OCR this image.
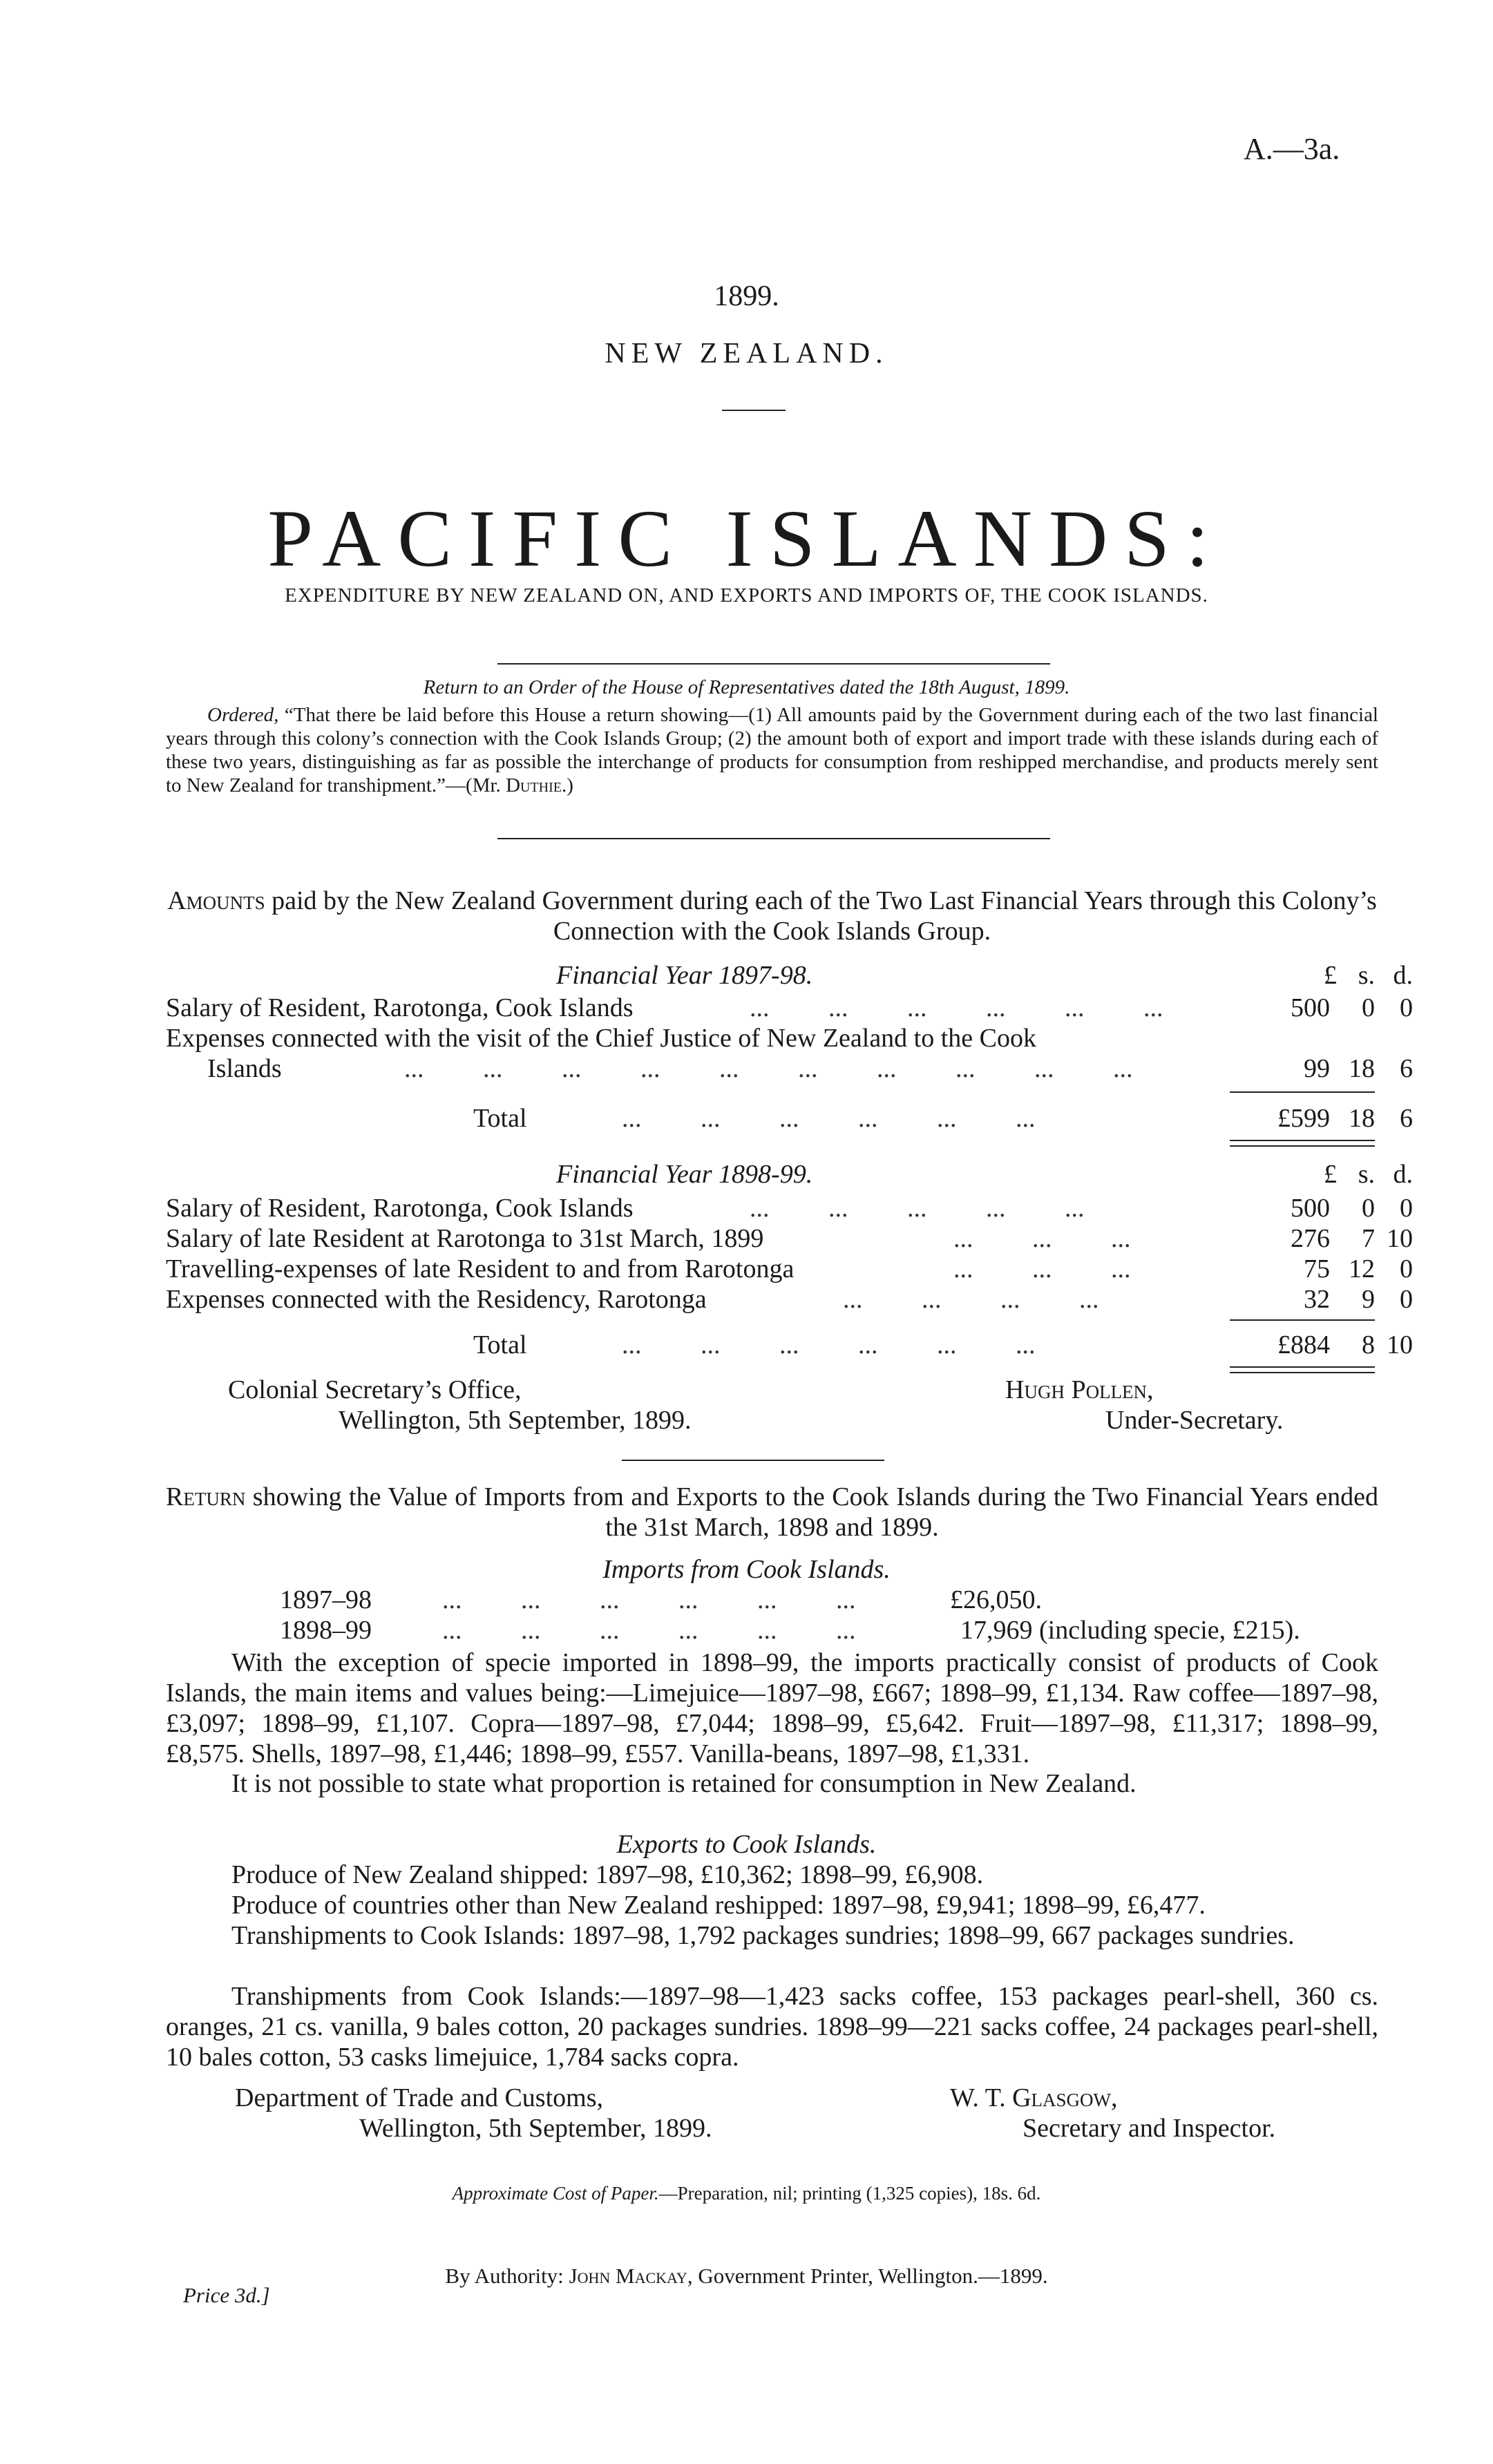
A.—3a.
1899.
NEW ZEALAND.
PACIFIC ISLANDS:
EXPENDITURE BY NEW ZEALAND ON, AND EXPORTS AND IMPORTS OF, THE COOK ISLANDS.
Return to an Order of the House of Representatives dated the 18th August, 1899.
Ordered, “That there be laid before this House a return showing—(1) All amounts paid by the Government during each of the two last financial years through this colony’s connection with the Cook Islands Group; (2) the amount both of export and import trade with these islands during each of these two years, distinguishing as far as possible the interchange of products for consumption from reshipped merchandise, and products merely sent to New Zealand for transhipment.”—(Mr. Duthie.)
Amounts paid by the New Zealand Government during each of the Two Last Financial Years through this Colony’s Connection with the Cook Islands Group.
Financial Year 1897-98.	£ s. d.
Salary of Resident, Rarotonga, Cook Islands	...         ...         ...         ...         ...         ...	500	0 0
Expenses connected with the visit of the Chief Justice of New Zealand to the Cook
Islands	...         ...         ...         ...         ...         ...         ...         ...         ...         ...	99 18 6
Total	...         ...         ...         ...         ...         ...	£599 18 6
Financial Year 1898-99.	£ s. d.
Salary of Resident, Rarotonga, Cook Islands	...         ...         ...         ...         ...	500	0 0
Salary of late Resident at Rarotonga to 31st March, 1899	...         ...         ...	276	7 10
Travelling-expenses of late Resident to and from Rarotonga	...         ...         ...	75 12 0
Expenses connected with the Residency, Rarotonga	...         ...         ...         ...	32	9 0
Total	...         ...         ...         ...         ...         ...	£884	8 10
Colonial Secretary’s Office,
Wellington, 5th September, 1899.
Hugh Pollen,
Under-Secretary.
Return showing the Value of Imports from and Exports to the Cook Islands during the Two Financial Years ended the 31st March, 1898 and 1899.
Imports from Cook Islands.
1897–98	...         ...         ...         ...         ...         ...	£26,050.
1898–99	...         ...         ...         ...         ...         ...	17,969 (including specie, £215).

With the exception of specie imported in 1898–99, the imports practically consist of products of Cook Islands, the main items and values being:—Limejuice—1897–98, £667; 1898–99, £1,134. Raw coffee—1897–98, £3,097; 1898–99, £1,107. Copra—1897–98, £7,044; 1898–99, £5,642. Fruit—1897–98, £11,317; 1898–99, £8,575. Shells, 1897–98, £1,446; 1898–99, £557. Vanilla-beans, 1897–98, £1,331.

It is not possible to state what proportion is retained for consumption in New Zealand.

Exports to Cook Islands.

Produce of New Zealand shipped: 1897–98, £10,362; 1898–99, £6,908.

Produce of countries other than New Zealand reshipped: 1897–98, £9,941; 1898–99, £6,477.

Transhipments to Cook Islands: 1897–98, 1,792 packages sundries; 1898–99, 667 packages sundries.

Transhipments from Cook Islands:—1897–98—1,423 sacks coffee, 153 packages pearl-shell, 360 cs. oranges, 21 cs. vanilla, 9 bales cotton, 20 packages sundries. 1898–99—221 sacks coffee, 24 packages pearl-shell, 10 bales cotton, 53 casks limejuice, 1,784 sacks copra.

Department of Trade and Customs,
Wellington, 5th September, 1899.
W. T. Glasgow,
Secretary and Inspector.
Approximate Cost of Paper.—Preparation, nil; printing (1,325 copies), 18s. 6d.
By Authority: John Mackay, Government Printer, Wellington.—1899.
Price 3d.]
